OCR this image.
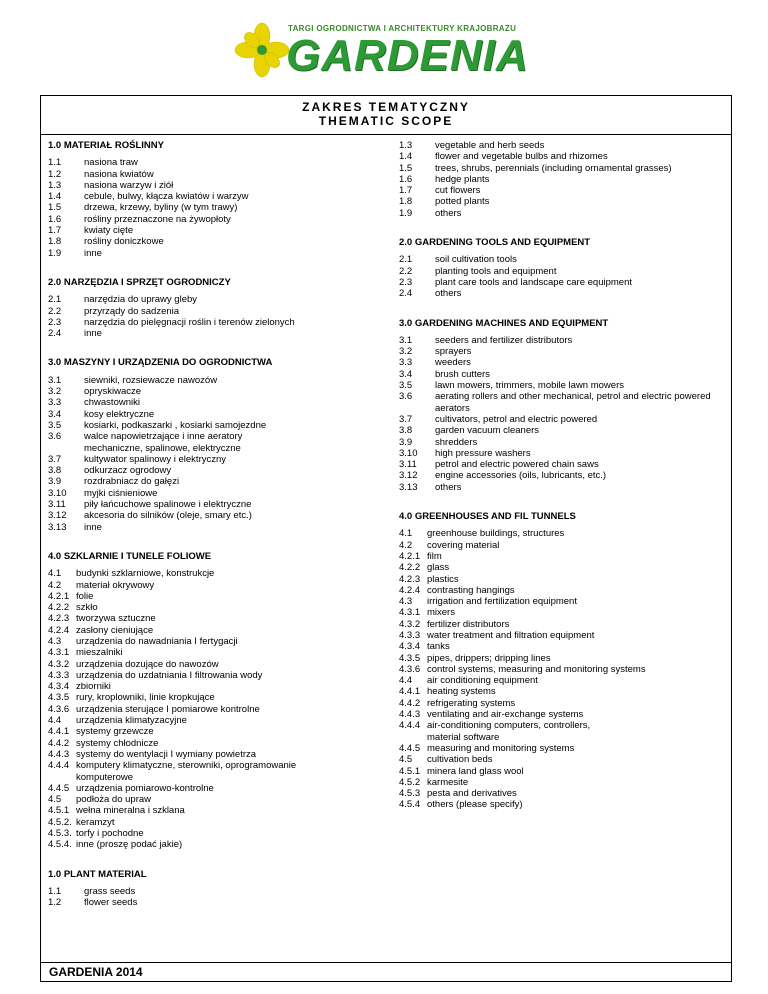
TARGI OGRODNICTWA I ARCHITEKTURY KRAJOBRAZU
GARDENIA
ZAKRES TEMATYCZNY
THEMATIC SCOPE
1.0 MATERIAŁ ROŚLINNY
1.1	nasiona traw
1.2	nasiona kwiatów
1.3	nasiona warzyw i ziół
1.4	cebule, bulwy, kłącza kwiatów i warzyw
1.5	drzewa, krzewy, byliny (w tym trawy)
1.6	rośliny przeznaczone na żywopłoty
1.7	kwiaty cięte
1.8	rośliny doniczkowe
1.9	inne
2.0 NARZĘDZIA I SPRZĘT OGRODNICZY
2.1	narzędzia do uprawy gleby
2.2	przyrządy do sadzenia
2.3	narzędzia do pielęgnacji roślin i terenów zielonych
2.4	inne
3.0 MASZYNY I URZĄDZENIA DO OGRODNICTWA
3.1	siewniki, rozsiewacze nawozów
3.2	opryskiwacze
3.3	chwastowniki
3.4	kosy elektryczne
3.5	kosiarki, podkaszarki , kosiarki samojezdne
3.6	walce napowietrzające i inne aeratory
mechaniczne, spalinowe, elektryczne
3.7	kultywator spalinowy i elektryczny
3.8	odkurzacz ogrodowy
3.9	rozdrabniacz do gałęzi
3.10	myjki ciśnieniowe
3.11	piły łańcuchowe spalinowe i elektryczne
3.12	akcesoria do silników (oleje, smary etc.)
3.13	inne
4.0 SZKLARNIE I TUNELE FOLIOWE
4.1	budynki szklarniowe, konstrukcje
4.2	materiał okrywowy
4.2.1 folie
4.2.2 szkło
4.2.3 tworzywa sztuczne
4.2.4 zasłony cieniujące
4.3	urządzenia do nawadniania I fertygacji
4.3.1 mieszalniki
4.3.2 urządzenia dozujące do nawozów
4.3.3 urządzenia do uzdatniania I filtrowania wody
4.3.4 zbiorniki
4.3.5 rury, kroplowniki, linie kropkujące
4.3.6 urządzenia sterujące I pomiarowe kontrolne
4.4	urządzenia klimatyzacyjne
4.4.1 systemy grzewcze
4.4.2 systemy chłodnicze
4.4.3 systemy do wentylacji I wymiany powietrza
4.4.4 komputery klimatyczne, sterowniki, oprogramowanie
komputerowe
4.4.5 urządzenia pomiarowo-kontrolne
4.5	podłoża do upraw
4.5.1 wełna mineralna i szklana
4.5.2. keramzyt
4.5.3. torfy i pochodne
4.5.4. inne (proszę podać jakie)
1.0 PLANT MATERIAL
1.1	grass seeds
1.2	flower seeds
1.3	vegetable and herb seeds
1.4	flower and vegetable bulbs and rhizomes
1.5	trees, shrubs, perennials (including ornamental grasses)
1.6	hedge plants
1.7	cut flowers
1.8	potted plants
1.9	others
2.0 GARDENING TOOLS AND EQUIPMENT
2.1	soil cultivation tools
2.2	planting tools and equipment
2.3	plant care tools and landscape care equipment
2.4	others
3.0 GARDENING MACHINES AND EQUIPMENT
3.1	seeders and fertilizer distributors
3.2	sprayers
3.3	weeders
3.4	brush cutters
3.5	lawn mowers, trimmers, mobile lawn mowers
3.6	aerating rollers and other mechanical, petrol and electric powered
aerators
3.7	cultivators, petrol and electric powered
3.8	garden vacuum cleaners
3.9	shredders
3.10	high pressure washers
3.11	petrol and electric powered chain saws
3.12	engine accessories (oils, lubricants, etc.)
3.13	others
4.0 GREENHOUSES AND FIL TUNNELS
4.1	greenhouse buildings, structures
4.2	covering material
4.2.1 film
4.2.2 glass
4.2.3 plastics
4.2.4 contrasting hangings
4.3	irrigation and fertilization equipment
4.3.1 mixers
4.3.2 fertilizer distributors
4.3.3 water treatment and filtration equipment
4.3.4 tanks
4.3.5 pipes, drippers; dripping lines
4.3.6 control systems, measuring and monitoring systems
4.4	air conditioning equipment
4.4.1 heating systems
4.4.2 refrigerating systems
4.4.3 ventilating and air-exchange systems
4.4.4 air-conditioning computers, controllers,
material software
4.4.5 measuring and monitoring systems
4.5	cultivation beds
4.5.1 minera land glass wool
4.5.2 karmesite
4.5.3 pesta and derivatives
4.5.4 others (please specify)
GARDENIA 2014
